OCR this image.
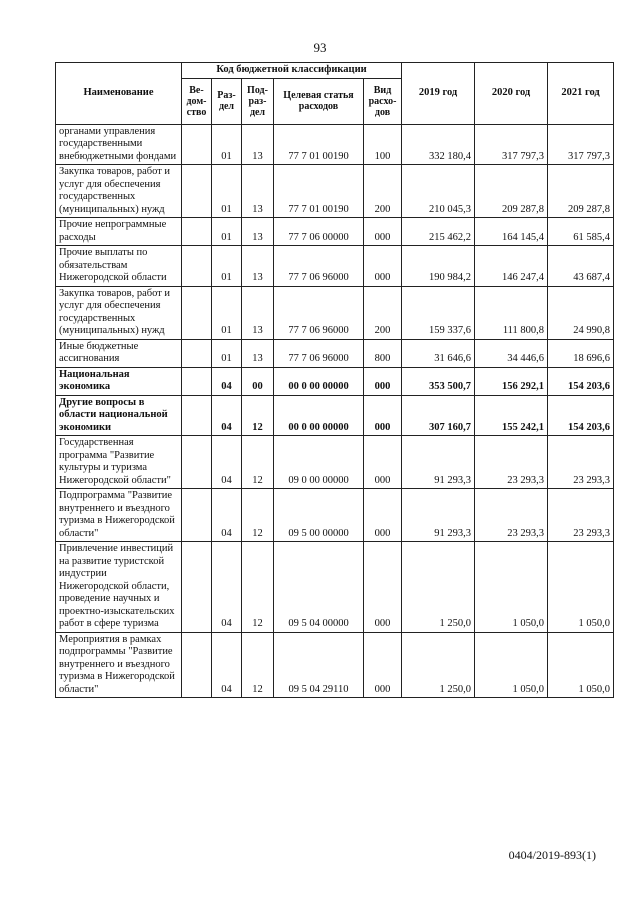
93
Наименование	Код бюджетной классификации					2019 год	2020 год	2021 год
	Ве-дом-ство	Раз-дел	Под-раз-дел	Целевая статья расходов	Вид расхо-дов			
органами управления государственными внебюджетными фондами		01	13	77 7 01 00190	100	332 180,4	317 797,3	317 797,3
Закупка товаров, работ и услуг для обеспечения государственных (муниципальных) нужд		01	13	77 7 01 00190	200	210 045,3	209 287,8	209 287,8
Прочие непрограммные расходы		01	13	77 7 06 00000	000	215 462,2	164 145,4	61 585,4
Прочие выплаты по обязательствам Нижегородской области		01	13	77 7 06 96000	000	190 984,2	146 247,4	43 687,4
Закупка товаров, работ и услуг для обеспечения государственных (муниципальных) нужд		01	13	77 7 06 96000	200	159 337,6	111 800,8	24 990,8
Иные бюджетные ассигнования		01	13	77 7 06 96000	800	31 646,6	34 446,6	18 696,6
Национальная экономика		04	00	00 0 00 00000	000	353 500,7	156 292,1	154 203,6
Другие вопросы в области национальной экономики		04	12	00 0 00 00000	000	307 160,7	155 242,1	154 203,6
Государственная программа "Развитие культуры и туризма Нижегородской области"		04	12	09 0 00 00000	000	91 293,3	23 293,3	23 293,3
Подпрограмма "Развитие внутреннего и въездного туризма в Нижегородской области"		04	12	09 5 00 00000	000	91 293,3	23 293,3	23 293,3
Привлечение инвестиций на развитие туристской индустрии Нижегородской области, проведение научных и проектно-изыскательских работ в сфере туризма		04	12	09 5 04 00000	000	1 250,0	1 050,0	1 050,0
Мероприятия в рамках подпрограммы "Развитие внутреннего и въездного туризма в Нижегородской области"		04	12	09 5 04 29110	000	1 250,0	1 050,0	1 050,0
0404/2019-893(1)
